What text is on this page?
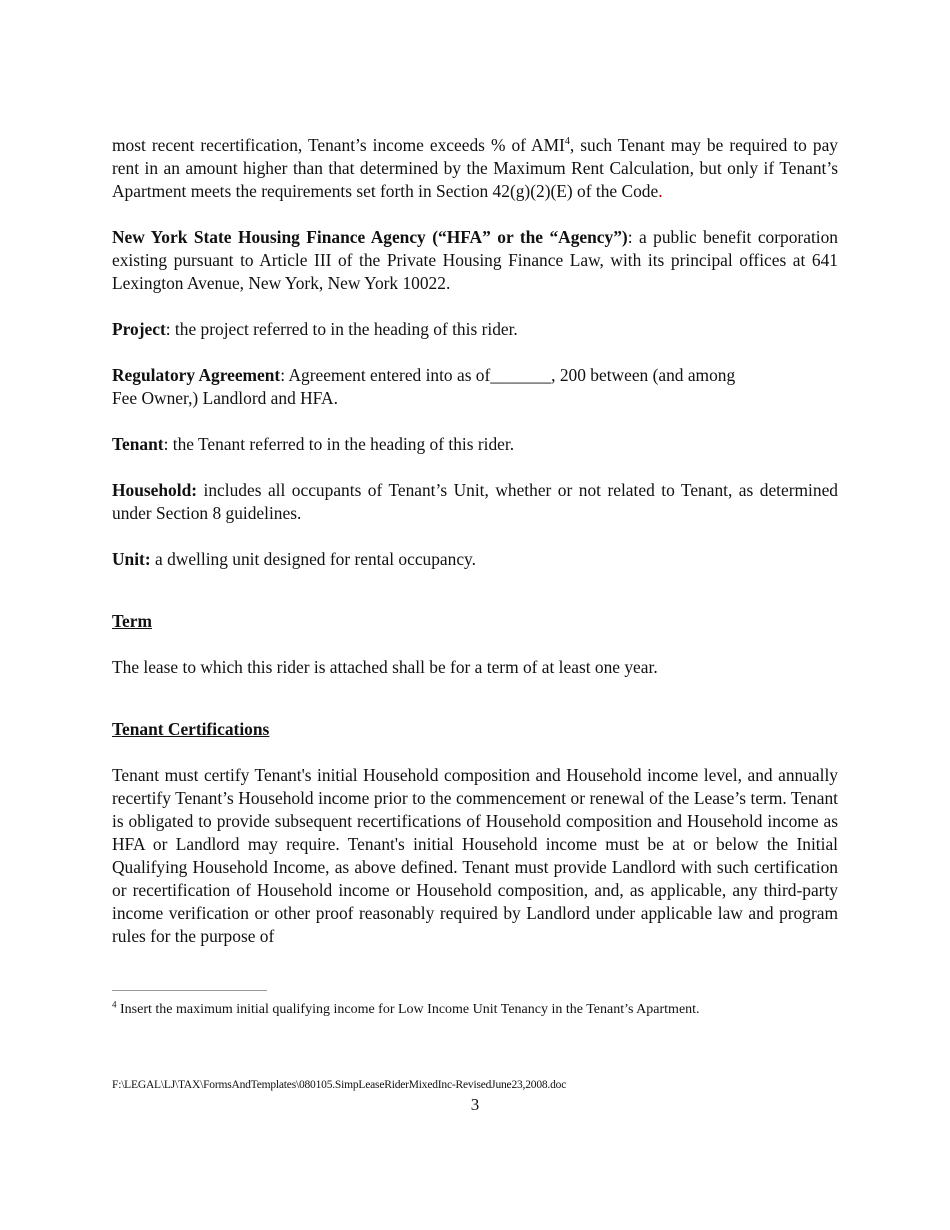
most recent recertification, Tenant’s income exceeds % of AMI$^4$, such Tenant may be required to pay rent in an amount higher than that determined by the Maximum Rent Calculation, but only if Tenant’s Apartment meets the requirements set forth in Section 42(g)(2)(E) of the Code.

New York State Housing Finance Agency (“HFA” or the “Agency”): a public benefit corporation existing pursuant to Article III of the Private Housing Finance Law, with its principal offices at 641 Lexington Avenue, New York, New York 10022.

Project: the project referred to in the heading of this rider.

Regulatory Agreement: Agreement entered into as of_______, 200 between (and among
Fee Owner,) Landlord and HFA.

Tenant: the Tenant referred to in the heading of this rider.

Household: includes all occupants of Tenant’s Unit, whether or not related to Tenant, as determined under Section 8 guidelines.

Unit: a dwelling unit designed for rental occupancy.

Term

The lease to which this rider is attached shall be for a term of at least one year.

Tenant Certifications

Tenant must certify Tenant's initial Household composition and Household income level, and annually recertify Tenant’s Household income prior to the commencement or renewal of the Lease’s term. Tenant is obligated to provide subsequent recertifications of Household composition and Household income as HFA or Landlord may require. Tenant's initial Household income must be at or below the Initial Qualifying Household Income, as above defined. Tenant must provide Landlord with such certification or recertification of Household income or Household composition, and, as applicable, any third-party income verification or other proof reasonably required by Landlord under applicable law and program rules for the purpose of

$^4$ Insert the maximum initial qualifying income for Low Income Unit Tenancy in the Tenant’s Apartment.
F:\LEGAL\LJ\TAX\FormsAndTemplates\080105.SimpLeaseRiderMixedInc-RevisedJune23,2008.doc
3
